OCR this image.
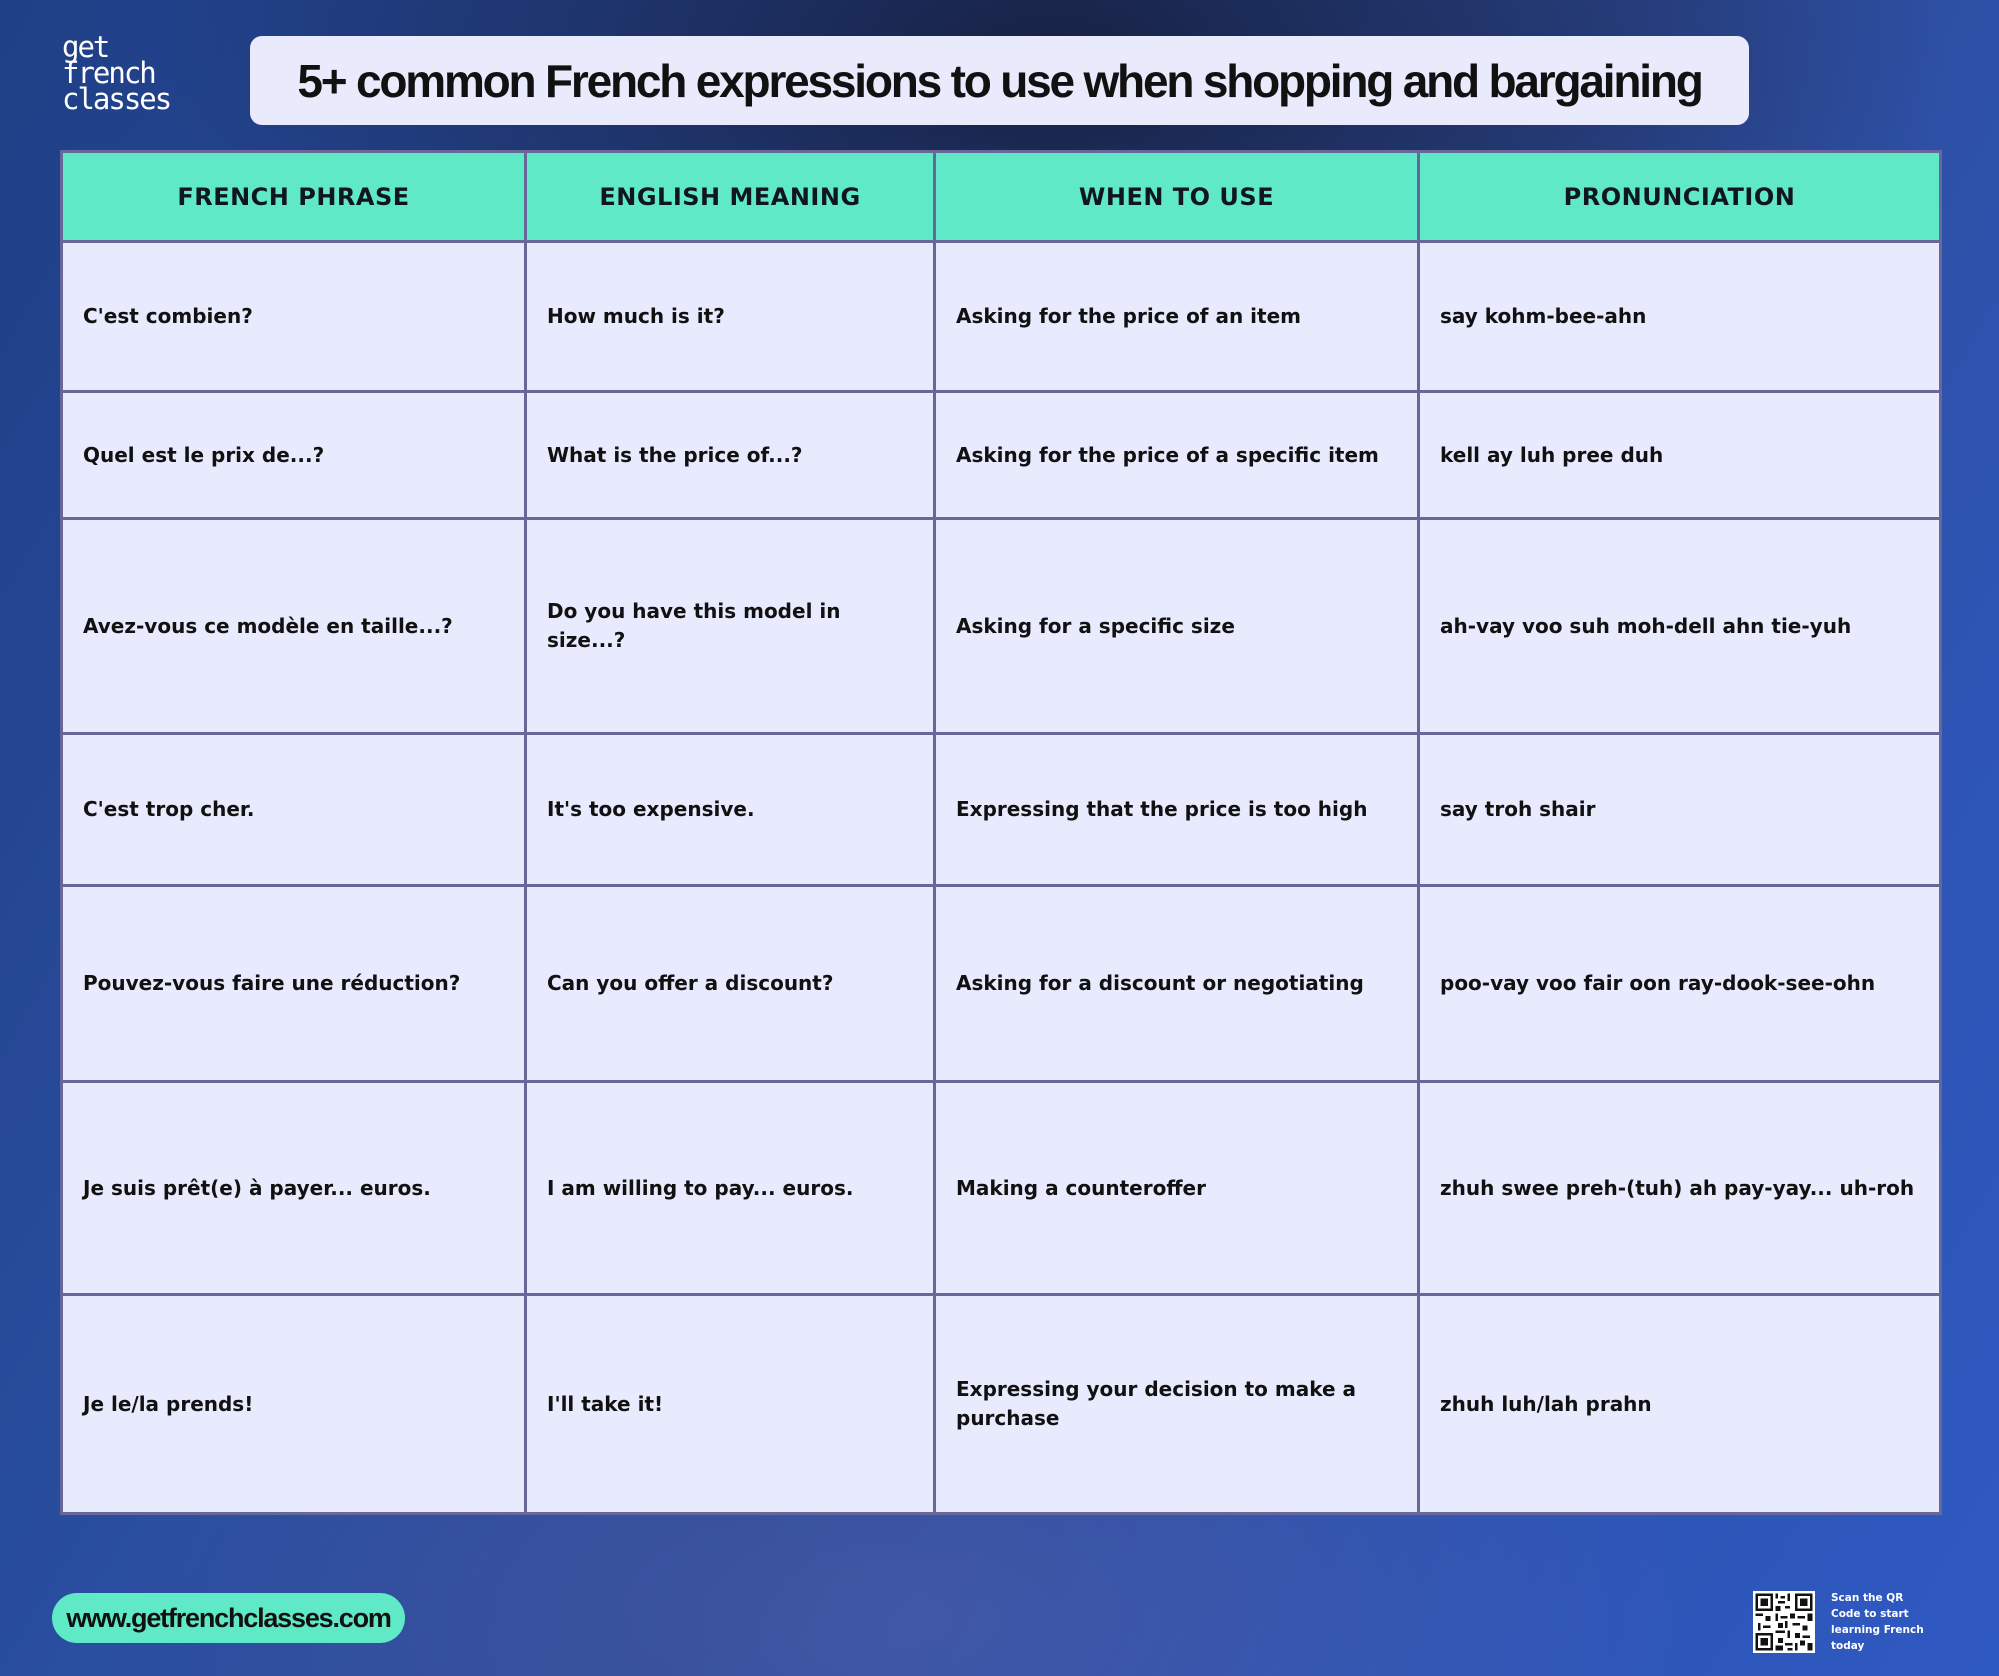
get
french
classes	5+ common French expressions to use when shopping and bargaining
FRENCH PHRASE	ENGLISH MEANING	WHEN TO USE	PRONUNCIATION
C'est combien?	How much is it?	Asking for the price of an item	say kohm-bee-ahn
Quel est le prix de...?	What is the price of...?	Asking for the price of a specific item	kell ay luh pree duh
Avez-vous ce modèle en taille...?	Do you have this model in size...?	Asking for a specific size	ah-vay voo suh moh-dell ahn tie-yuh
C'est trop cher.	It's too expensive.	Expressing that the price is too high	say troh shair
Pouvez-vous faire une réduction?	Can you offer a discount?	Asking for a discount or negotiating	poo-vay voo fair oon ray-dook-see-ohn
Je suis prêt(e) à payer... euros.	I am willing to pay... euros.	Making a counteroffer	zhuh swee preh-(tuh) ah pay-yay... uh-roh
Je le/la prends!	I'll take it!	Expressing your decision to make a purchase	zhuh luh/lah prahn
www.getfrenchclasses.com
Scan the QR Code to start learning French today
